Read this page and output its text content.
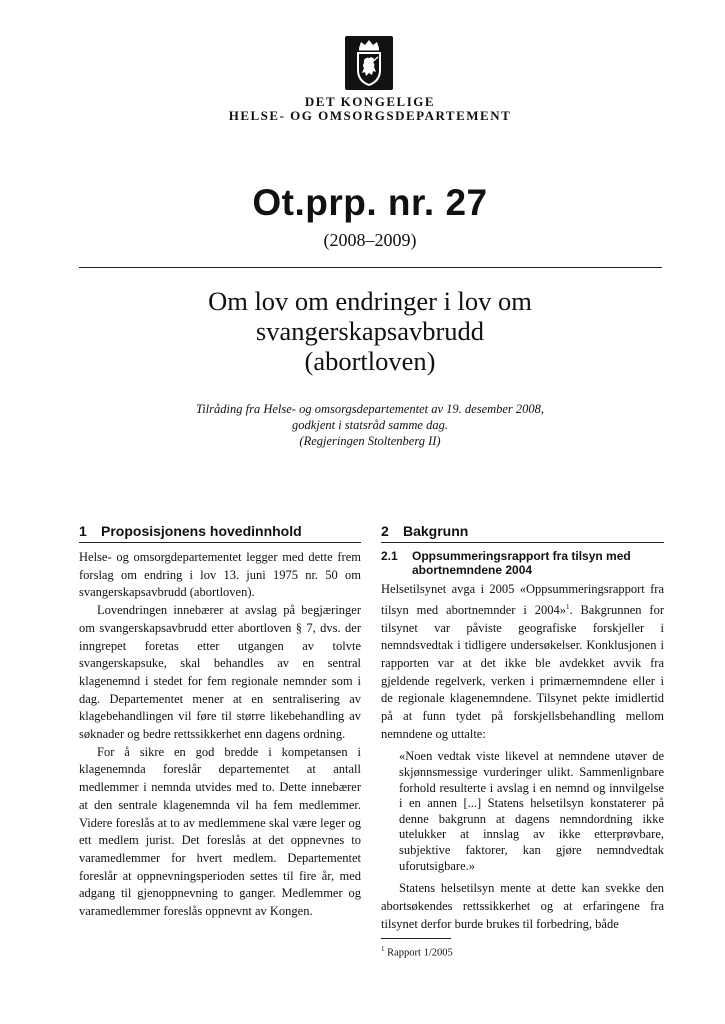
DET KONGELIGE
HELSE- OG OMSORGSDEPARTEMENT
Ot.prp. nr. 27
(2008–2009)
Om lov om endringer i lov om
svangerskapsavbrudd
(abortloven)
Tilråding fra Helse- og omsorgsdepartementet av 19. desember 2008,
godkjent i statsråd samme dag.
(Regjeringen Stoltenberg II)
1 Proposisjonens hovedinnhold

Helse- og omsorgdepartementet legger med dette frem forslag om endring i lov 13. juni 1975 nr. 50 om svangerskapsavbrudd (abortloven).

Lovendringen innebærer at avslag på begjæringer om svangerskapsavbrudd etter abortloven § 7, dvs. der inngrepet foretas etter utgangen av tolvte svangerskapsuke, skal behandles av en sentral klagenemnd i stedet for fem regionale nemnder som i dag. Departementet mener at en sentralisering av klagebehandlingen vil føre til større likebehandling av søknader og bedre rettssikkerhet enn dagens ordning.

For å sikre en god bredde i kompetansen i klagenemnda foreslår departementet at antall medlemmer i nemnda utvides med to. Dette innebærer at den sentrale klagenemnda vil ha fem medlemmer. Videre foreslås at to av medlemmene skal være leger og ett medlem jurist. Det foreslås at det oppnevnes to varamedlemmer for hvert medlem. Departementet foreslår at oppnevningsperioden settes til fire år, med adgang til gjenoppnevning to ganger. Medlemmer og varamedlemmer foreslås oppnevnt av Kongen.

2 Bakgrunn
2.1	Oppsummeringsrapport fra tilsyn med abortnemndene 2004

Helsetilsynet avga i 2005 «Oppsummeringsrapport fra tilsyn med abortnemnder i 2004»$^1$. Bakgrunnen for tilsynet var påviste geografiske forskjeller i nemndsvedtak i tidligere undersøkelser. Konklusjonen i rapporten var at det ikke ble avdekket avvik fra gjeldende regelverk, verken i primærnemndene eller i de regionale klagenemndene. Tilsynet pekte imidlertid på at funn tydet på forskjellsbehandling mellom nemndene og uttalte:

«Noen vedtak viste likevel at nemndene utøver de skjønnsmessige vurderinger ulikt. Sammenlignbare forhold resulterte i avslag i en nemnd og innvilgelse i en annen [...] Statens helsetilsyn konstaterer på denne bakgrunn at dagens nemndordning ikke utelukker at innslag av ikke etterprøvbare, subjektive faktorer, kan gjøre nemndvedtak uforutsigbare.»

Statens helsetilsyn mente at dette kan svekke den abortsøkendes rettssikkerhet og at erfaringene fra tilsynet derfor burde brukes til forbedring, både

$^1$ Rapport 1/2005
